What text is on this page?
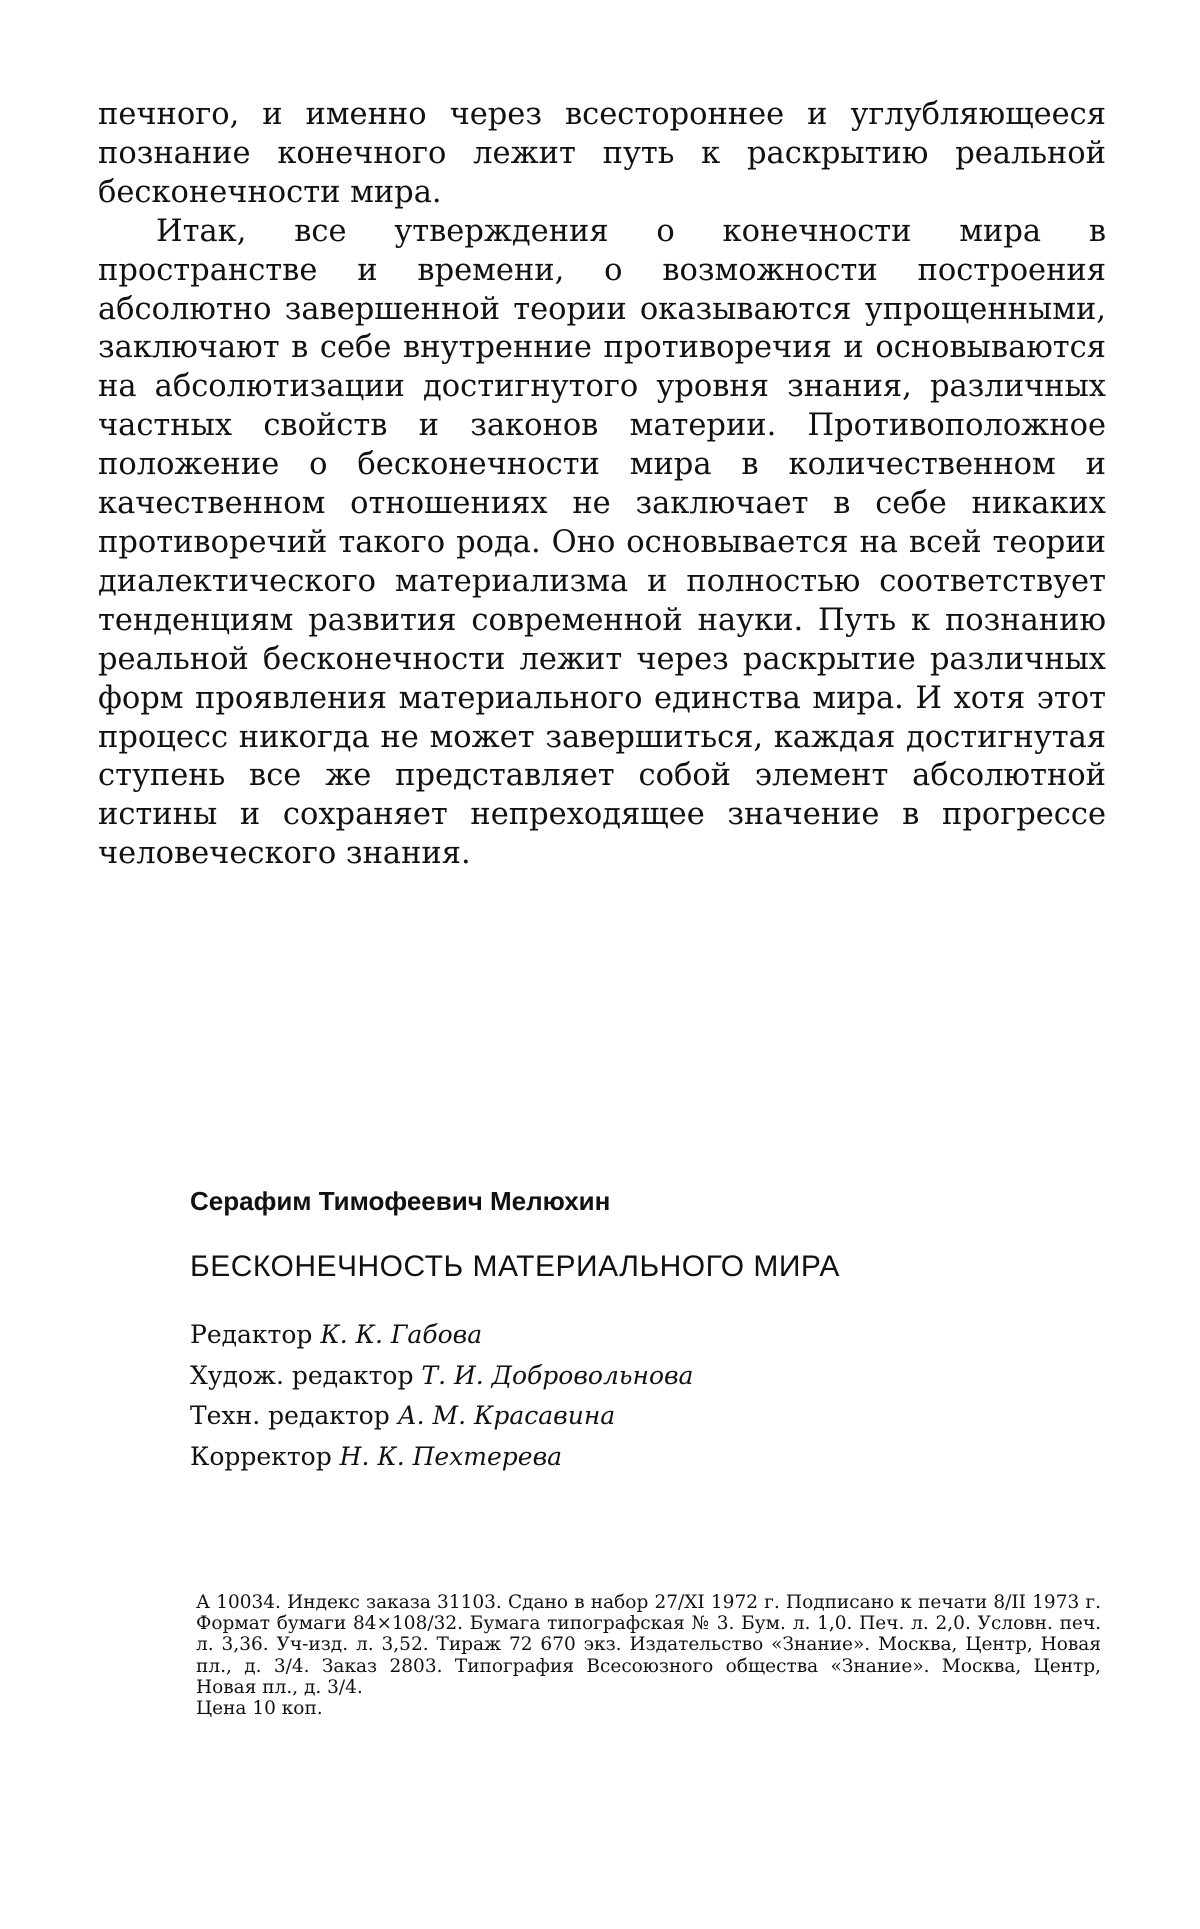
печного, и именно через всестороннее и углубляющееся познание конечного лежит путь к раскрытию реальной бесконечности мира.

Итак, все утверждения о конечности мира в пространстве и времени, о возможности построения абсолютно завершенной теории оказываются упрощенными, заключают в себе внутренние противоречия и основываются на абсолютизации достигнутого уровня знания, различных частных свойств и законов материи. Противоположное положение о бесконечности мира в количественном и качественном отношениях не заключает в себе никаких противоречий такого рода. Оно основывается на всей теории диалектического материализма и полностью соответствует тенденциям развития современной науки. Путь к познанию реальной бесконечности лежит через раскрытие различных форм проявления материального единства мира. И хотя этот процесс никогда не может завершиться, каждая достигнутая ступень все же представляет собой элемент абсолютной истины и сохраняет непреходящее значение в прогрессе человеческого знания.

Серафим Тимофеевич Мелюхин
БЕСКОНЕЧНОСТЬ МАТЕРИАЛЬНОГО МИРА
Редактор К. К. Габова
Худож. редактор Т. И. Добровольнова
Техн. редактор А. М. Красавина
Корректор Н. К. Пехтерева

А 10034. Индекс заказа 31103. Сдано в набор 27/XI 1972 г. Подписано к печати 8/II 1973 г. Формат бумаги 84×108/32. Бумага типографская № 3. Бум. л. 1,0. Печ. л. 2,0. Условн. печ. л. 3,36. Уч-изд. л. 3,52. Тираж 72 670 экз. Издательство «Знание». Москва, Центр, Новая пл., д. 3/4. Заказ 2803. Типография Всесоюзного общества «Знание». Москва, Центр, Новая пл., д. 3/4.

Цена 10 коп.
